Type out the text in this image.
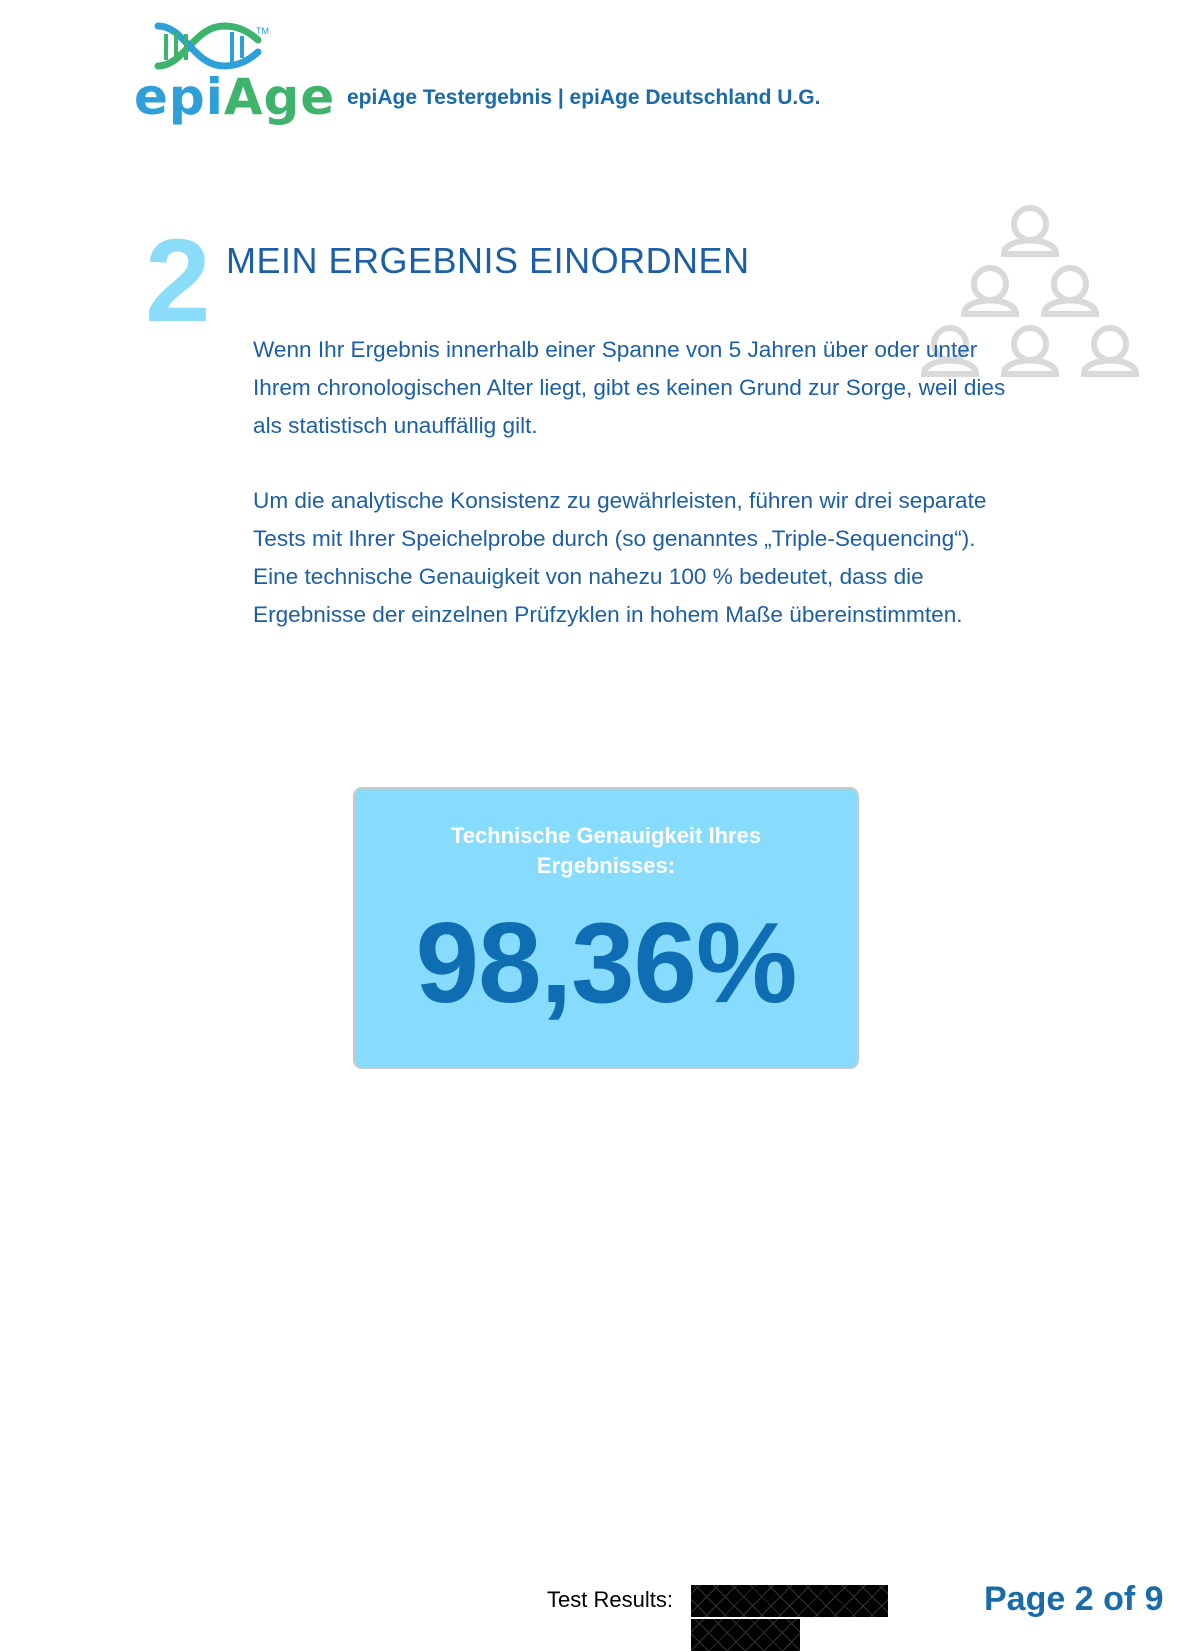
TM
epiAge epiAge Testergebnis | epiAge Deutschland U.G.
2 MEIN ERGEBNIS EINORDNEN

Wenn Ihr Ergebnis innerhalb einer Spanne von 5 Jahren über oder unter Ihrem chronologischen Alter liegt, gibt es keinen Grund zur Sorge, weil dies als statistisch unauffällig gilt.

Um die analytische Konsistenz zu gewährleisten, führen wir drei separate Tests mit Ihrer Speichelprobe durch (so genanntes „Triple-Sequencing“). Eine technische Genauigkeit von nahezu 100 % bedeutet, dass die Ergebnisse der einzelnen Prüfzyklen in hohem Maße übereinstimmten.

Technische Genauigkeit Ihres Ergebnisses:
98,36%
Test Results:	Page 2 of 9
